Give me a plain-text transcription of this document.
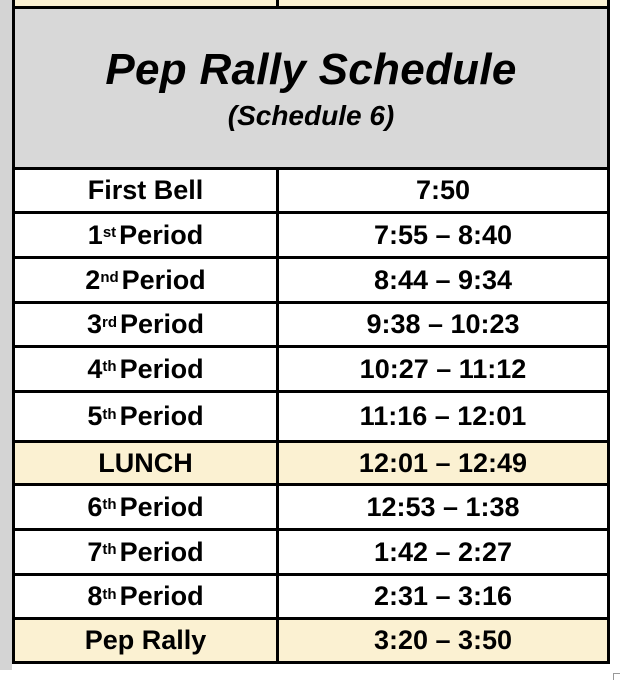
Pep Rally Schedule
(Schedule 6)
First Bell	7:50
1st Period	7:55 – 8:40
2nd Period	8:44 – 9:34
3rd Period	9:38 – 10:23
4th Period	10:27 – 11:12
5th Period	11:16 – 12:01
LUNCH	12:01 – 12:49
6th Period	12:53 – 1:38
7th Period	1:42 – 2:27
8th Period	2:31 – 3:16
Pep Rally	3:20 – 3:50
